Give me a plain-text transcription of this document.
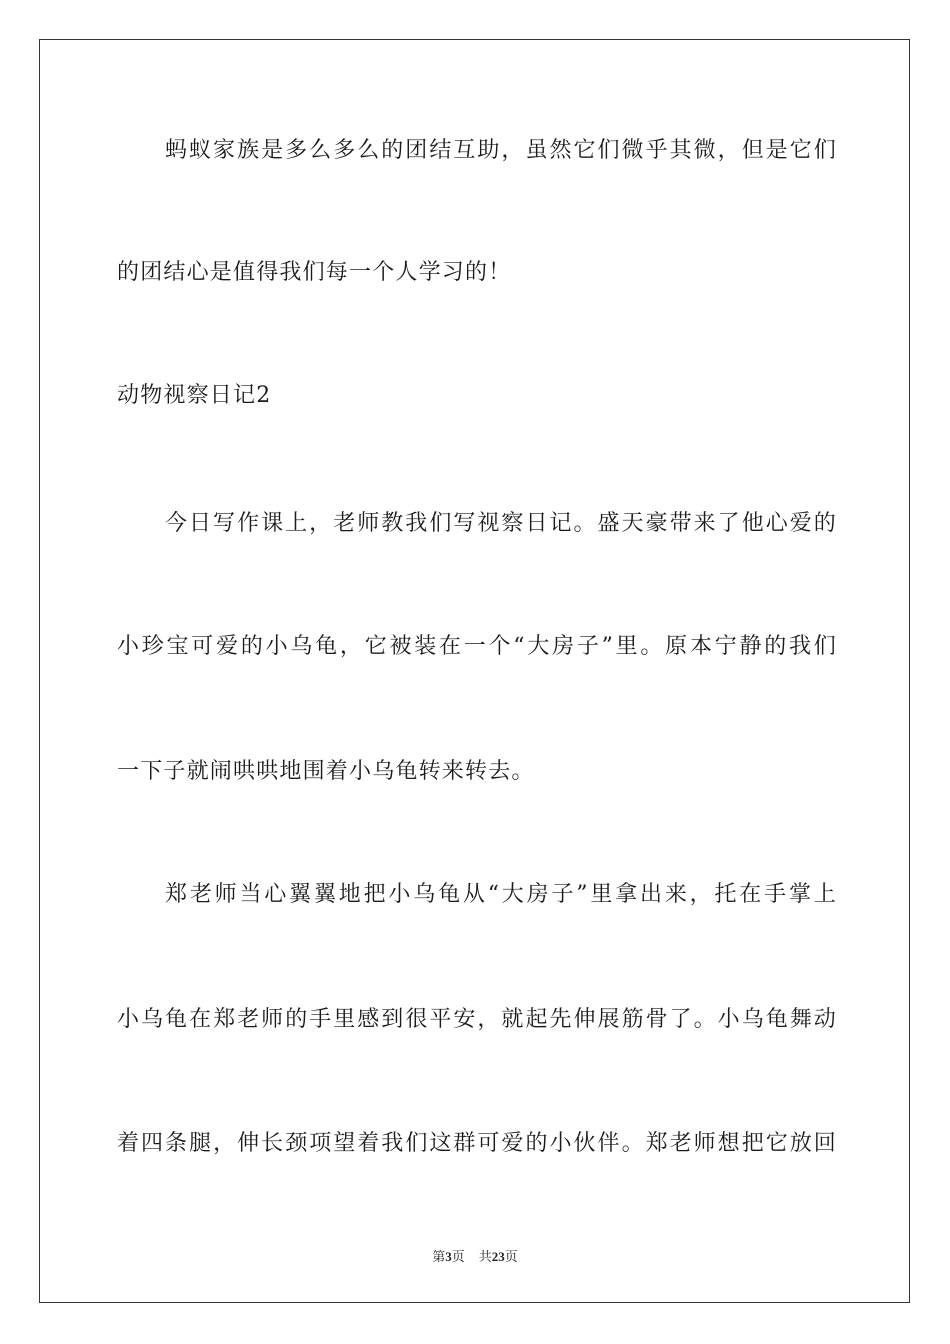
蚂蚁家族是多么多么的团结互助，虽然它们微乎其微，但是它们
的团结心是值得我们每一个人学习的！
动物视察日记2
今日写作课上，老师教我们写视察日记。盛天豪带来了他心爱的
小珍宝可爱的小乌龟，它被装在一个“大房子”里。原本宁静的我们
一下子就闹哄哄地围着小乌龟转来转去。
郑老师当心翼翼地把小乌龟从“大房子”里拿出来，托在手掌上
小乌龟在郑老师的手里感到很平安，就起先伸展筋骨了。小乌龟舞动
着四条腿，伸长颈项望着我们这群可爱的小伙伴。郑老师想把它放回
第3页 共23页
